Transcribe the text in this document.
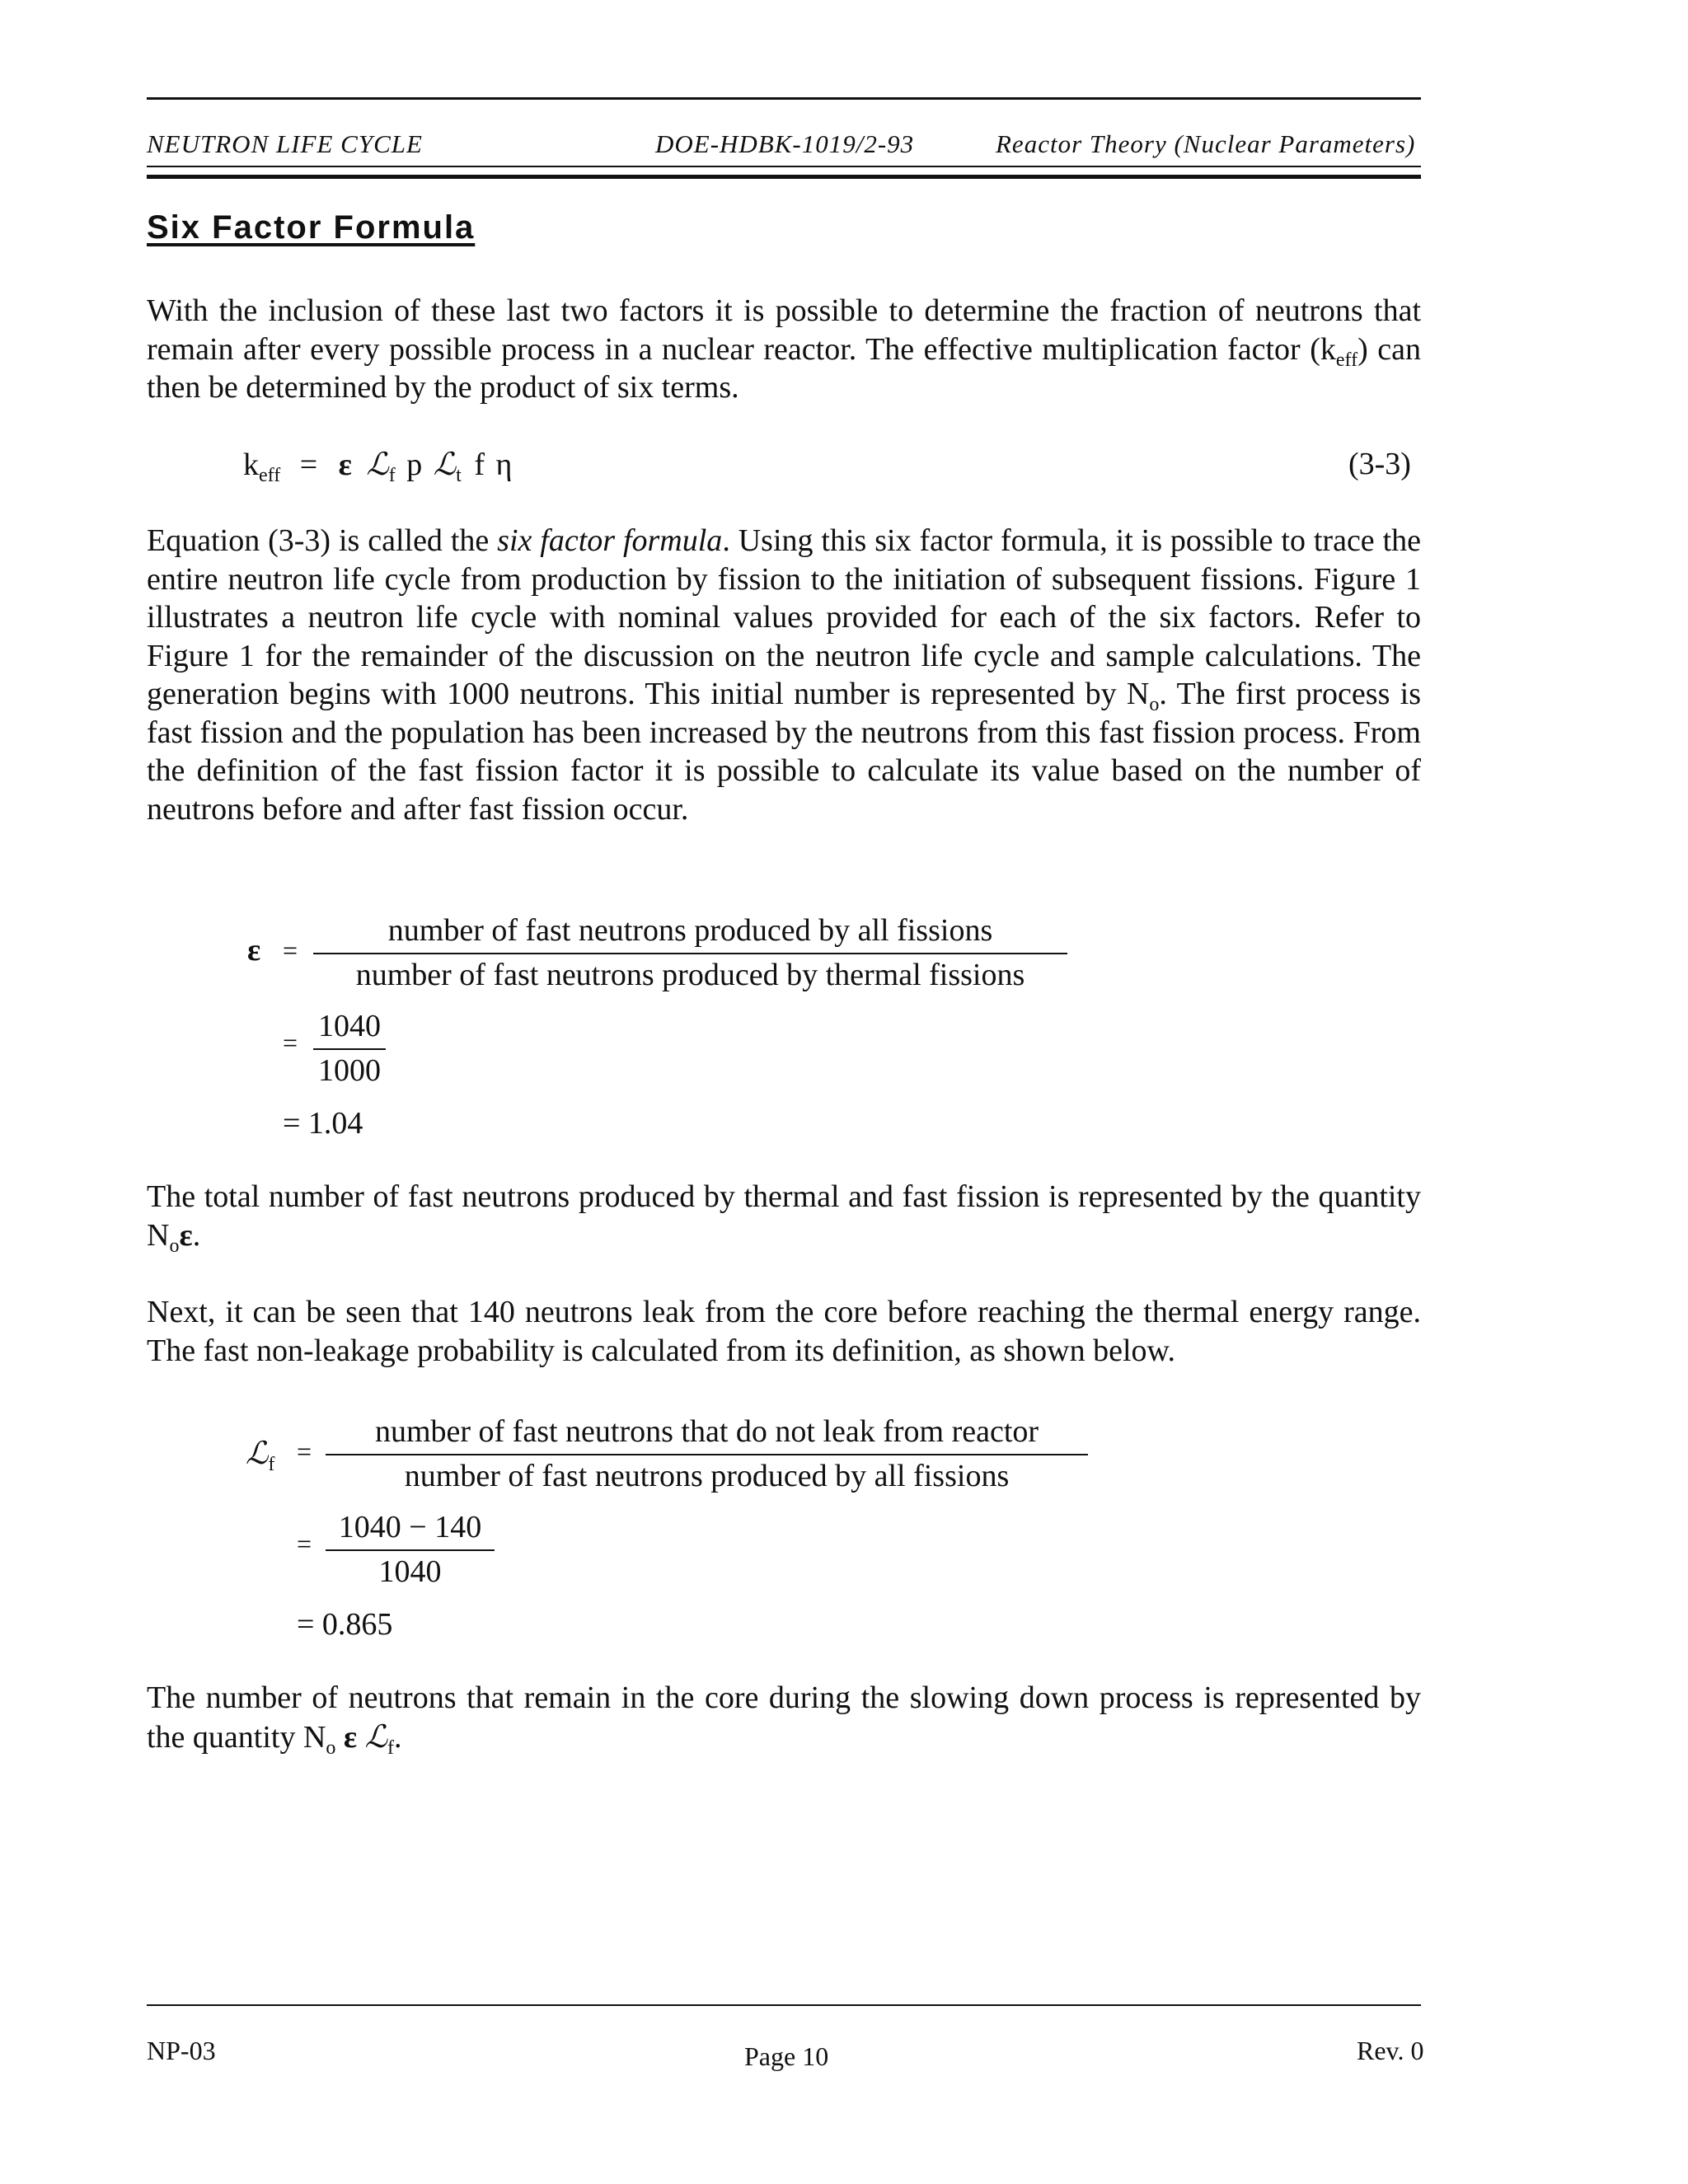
NEUTRON LIFE CYCLE	DOE-HDBK-1019/2-93	Reactor Theory (Nuclear Parameters)
Six Factor Formula

With the inclusion of these last two factors it is possible to determine the fraction of neutrons that remain after every possible process in a nuclear reactor. The effective multiplication factor $(k_{eff})$ can then be determined by the product of six terms.

$k_{eff} = \varepsilon$ ℒ$_f$ p ℒ$_t$ f η	(3-3)

Equation (3-3) is called the six factor formula. Using this six factor formula, it is possible to trace the entire neutron life cycle from production by fission to the initiation of subsequent fissions. Figure 1 illustrates a neutron life cycle with nominal values provided for each of the six factors. Refer to Figure 1 for the remainder of the discussion on the neutron life cycle and sample calculations. The generation begins with 1000 neutrons. This initial number is represented by $N_o$. The first process is fast fission and the population has been increased by the neutrons from this fast fission process. From the definition of the fast fission factor it is possible to calculate its value based on the number of neutrons before and after fast fission occur.

ε =
number of fast neutrons produced by all fissions
number of fast neutrons produced by thermal fissions
= 1040
1000
= 1.04

The total number of fast neutrons produced by thermal and fast fission is represented by the quantity $N_o\varepsilon$.

Next, it can be seen that 140 neutrons leak from the core before reaching the thermal energy range. The fast non-leakage probability is calculated from its definition, as shown below.

ℒ$_f$ =
number of fast neutrons that do not leak from reactor
number of fast neutrons produced by all fissions
= 1040 − 140
1040
= 0.865

The number of neutrons that remain in the core during the slowing down process is represented by the quantity $N_o$ ε ℒ$_f$.

NP-03	Page 10	Rev. 0
